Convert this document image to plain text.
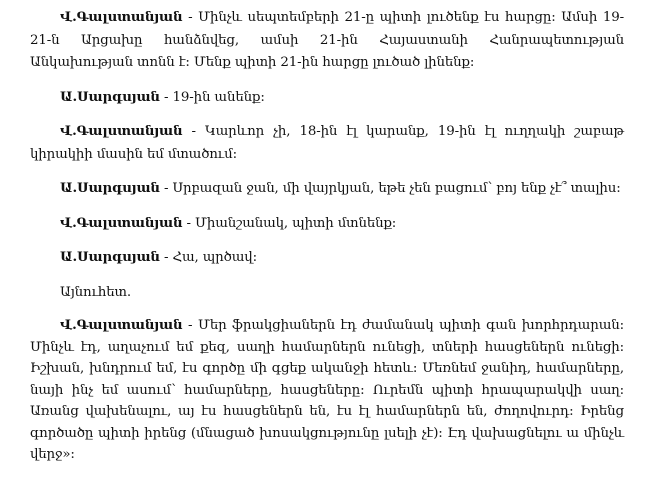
Վ.Գալստանյան - Մինչև սեպտեմբերի 21-ը պիտի լուծենք էս հարցը: Ամսի 19-21-ն Արցախը հանձնվեց, ամսի 21-ին Հայաստանի Հանրապետության Անկախության տոնն է: Մենք պիտի 21-ին հարցը լուծած լինենք:

Ա.Սարգսյան - 19-ին անենք:

Վ.Գալստանյան - Կարևոր չի, 18-ին էլ կարանք, 19-ին էլ ուղղակի շաբաթ կիրակիի մասին եմ մտածում:

Ա.Սարգսյան - Սրբազան ջան, մի վայրկյան, եթե չեն բացում՝ բոյ ենք չէ՞ տալիս:

Վ.Գալստանյան - Միանշանակ, պիտի մտնենք:

Ա.Սարգսյան - Հա, պրծավ:

Այնուհետ.

Վ.Գալստանյան - Մեր ֆրակցիաներն էդ ժամանակ պիտի գան խորհրդարան: Մինչև էդ, աղաչում եմ քեզ, սաղի համարներն ունեցի, տների հասցեներն ունեցի: Իշխան, խնդրում եմ, էս գործը մի գցեք ականջի հետև: Մեռնեմ ջանիդ, համարները, նայի ինչ եմ ասում՝ համարները, հասցեները: Ուրեմն պիտի հրապարակվի սաղ: Առանց վախենալու, այ էս հասցեներն են, էս էլ համարներն են, ժողովուրդ: Իրենց գործածը պիտի իրենց (մնացած խոսակցությունը լսելի չէ): Էդ վախացնելու ա մինչև վերջ»:
